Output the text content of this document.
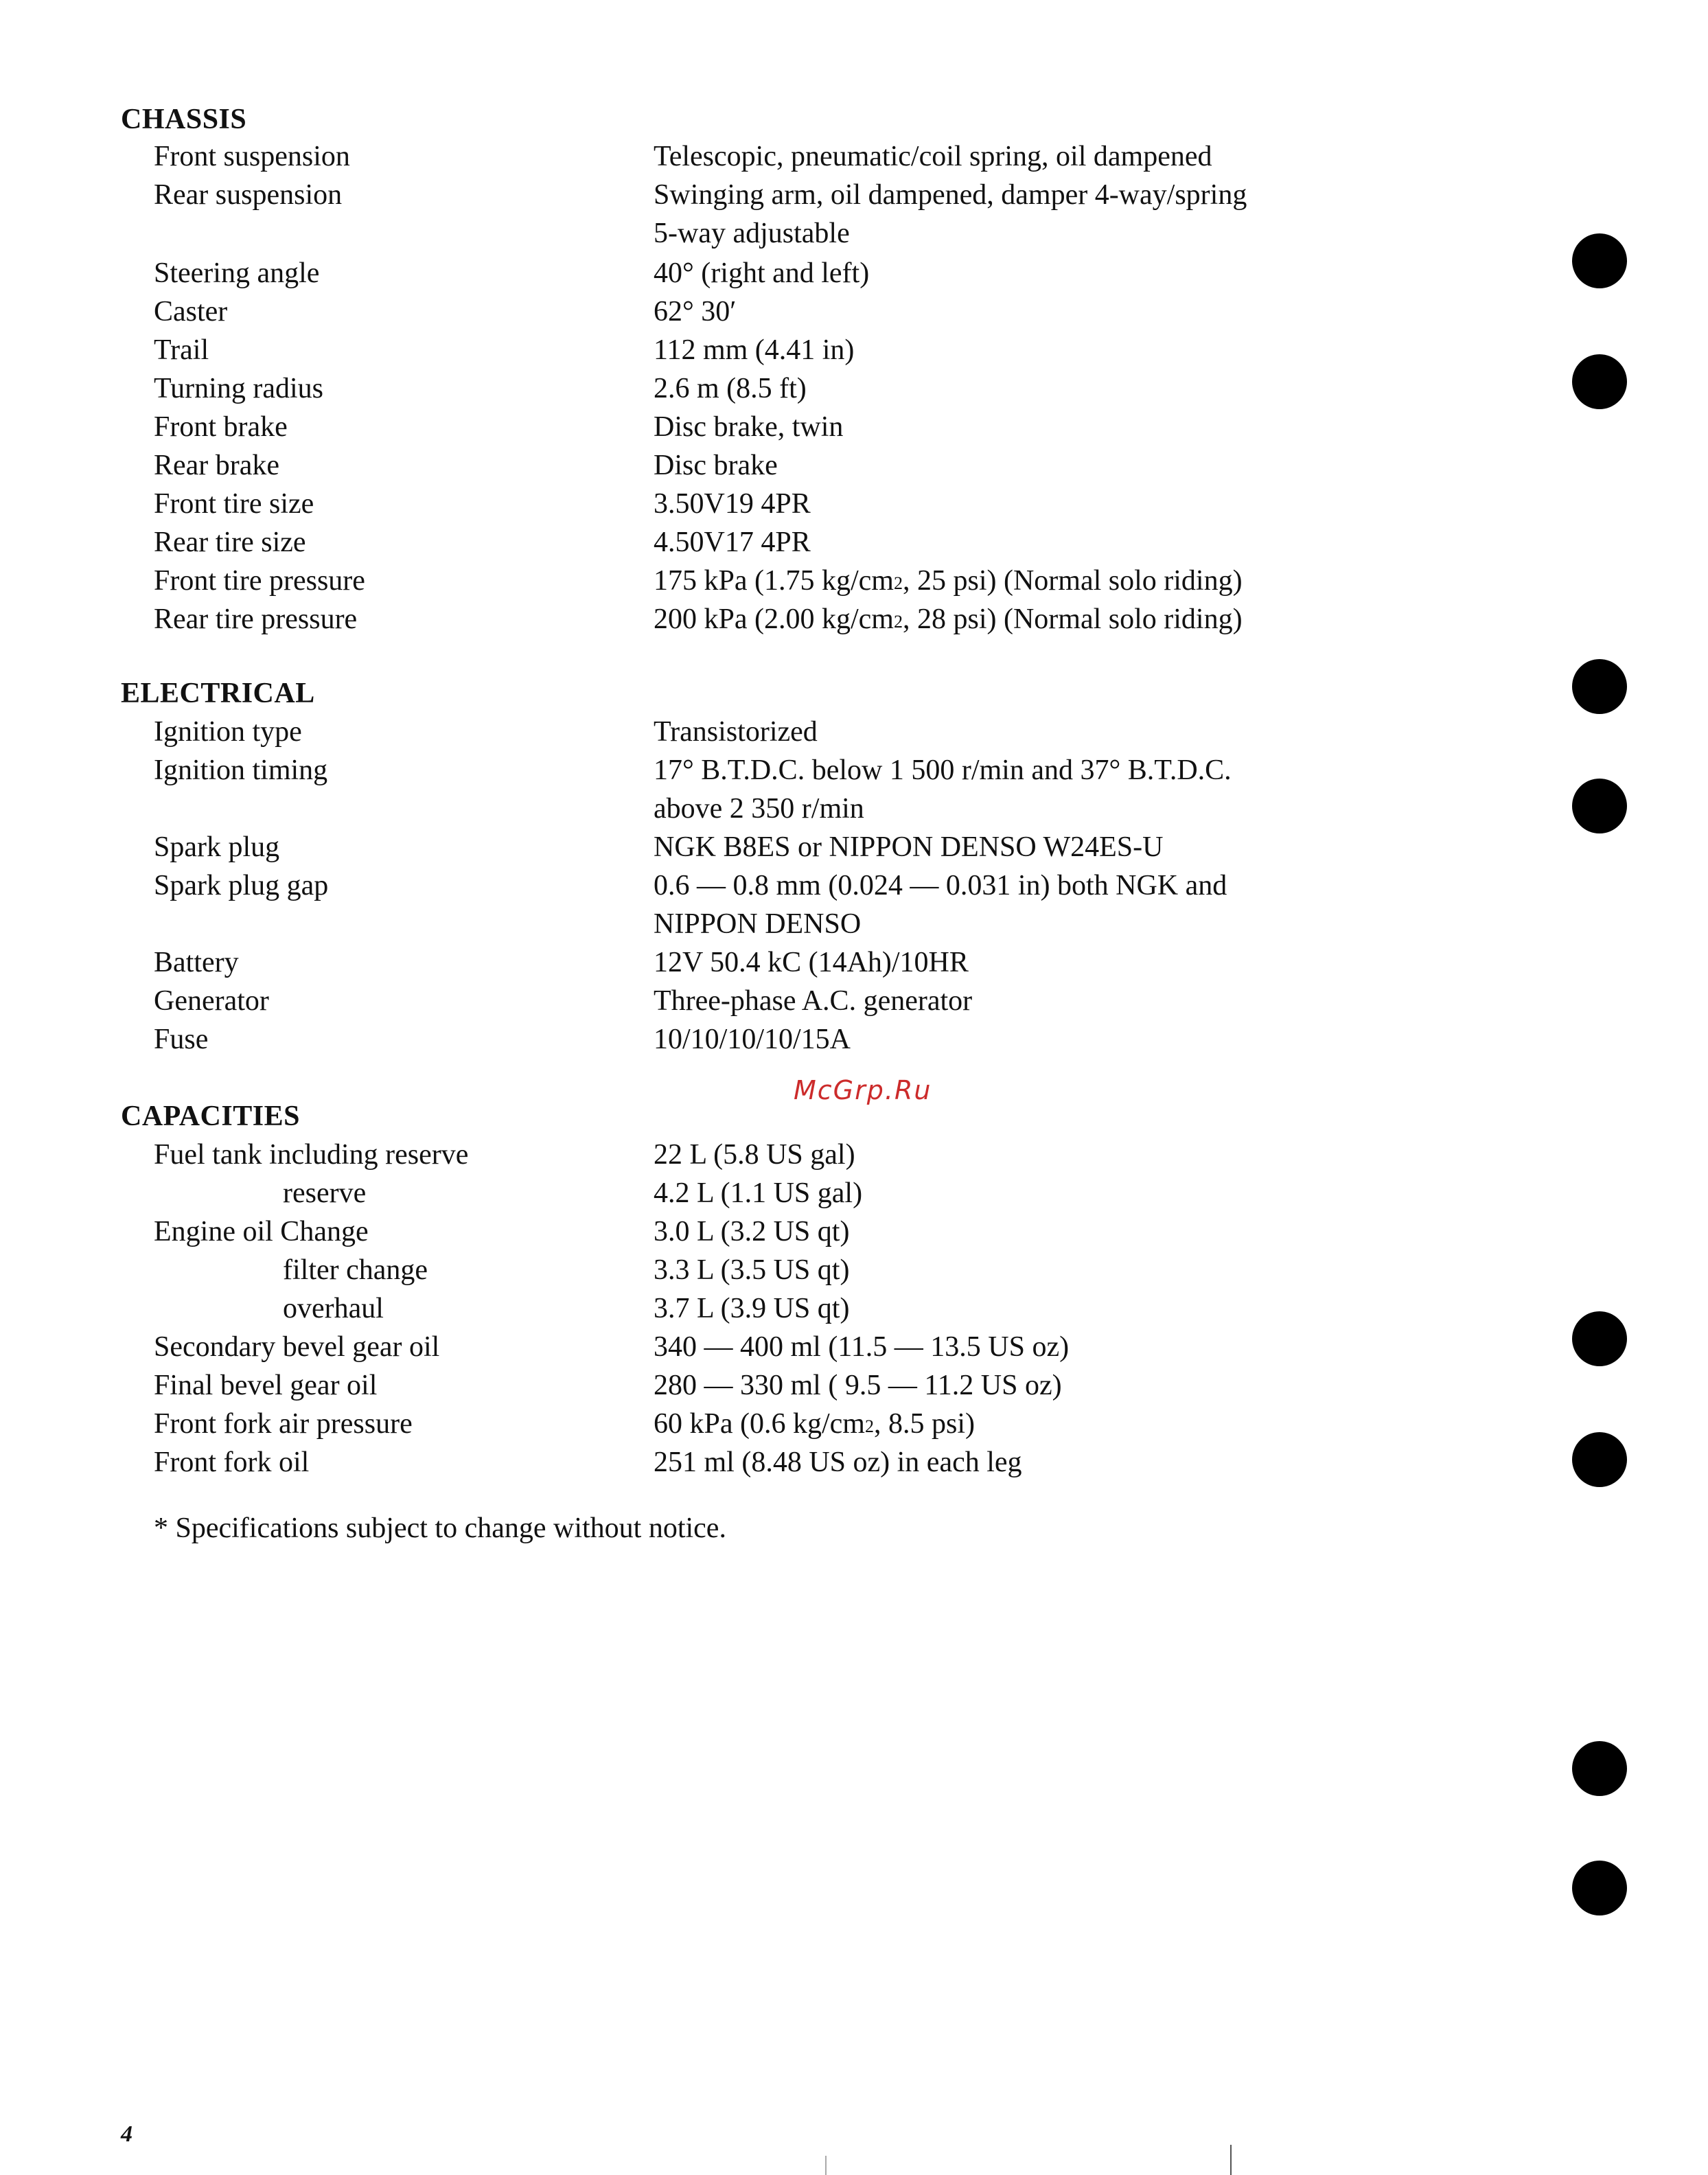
CHASSIS
Front suspension	Telescopic, pneumatic/coil spring, oil dampened
Rear suspension	Swinging arm, oil dampened, damper 4-way/spring
5-way adjustable
Steering angle	40° (right and left)
Caster	62° 30′
Trail	112 mm (4.41 in)
Turning radius	2.6 m (8.5 ft)
Front brake	Disc brake, twin
Rear brake	Disc brake
Front tire size	3.50V19 4PR
Rear tire size	4.50V17 4PR
Front tire pressure	175 kPa (1.75 $kg/cm^2$, 25 psi) (Normal solo riding)
Rear tire pressure	200 kPa (2.00 $kg/cm^2$, 28 psi) (Normal solo riding)
ELECTRICAL
Ignition type	Transistorized
Ignition timing	17° B.T.D.C. below 1 500 r/min and 37° B.T.D.C.
above 2 350 r/min
Spark plug	NGK B8ES or NIPPON DENSO W24ES-U
Spark plug gap	0.6 — 0.8 mm (0.024 — 0.031 in) both NGK and
NIPPON DENSO
Battery	12V 50.4 kC (14Ah)/10HR
Generator	Three-phase A.C. generator
Fuse	10/10/10/10/15A
McGrp.Ru
CAPACITIES
Fuel tank including reserve	22 L (5.8 US gal)
reserve	4.2 L (1.1 US gal)
Engine oil Change	3.0 L (3.2 US qt)
filter change	3.3 L (3.5 US qt)
overhaul	3.7 L (3.9 US qt)
Secondary bevel gear oil	340 — 400 ml (11.5 — 13.5 US oz)
Final bevel gear oil	280 — 330 ml ( 9.5 — 11.2 US oz)
Front fork air pressure	60 kPa (0.6 $kg/cm^2$, 8.5 psi)
Front fork oil	251 ml (8.48 US oz) in each leg
* Specifications subject to change without notice.
4
